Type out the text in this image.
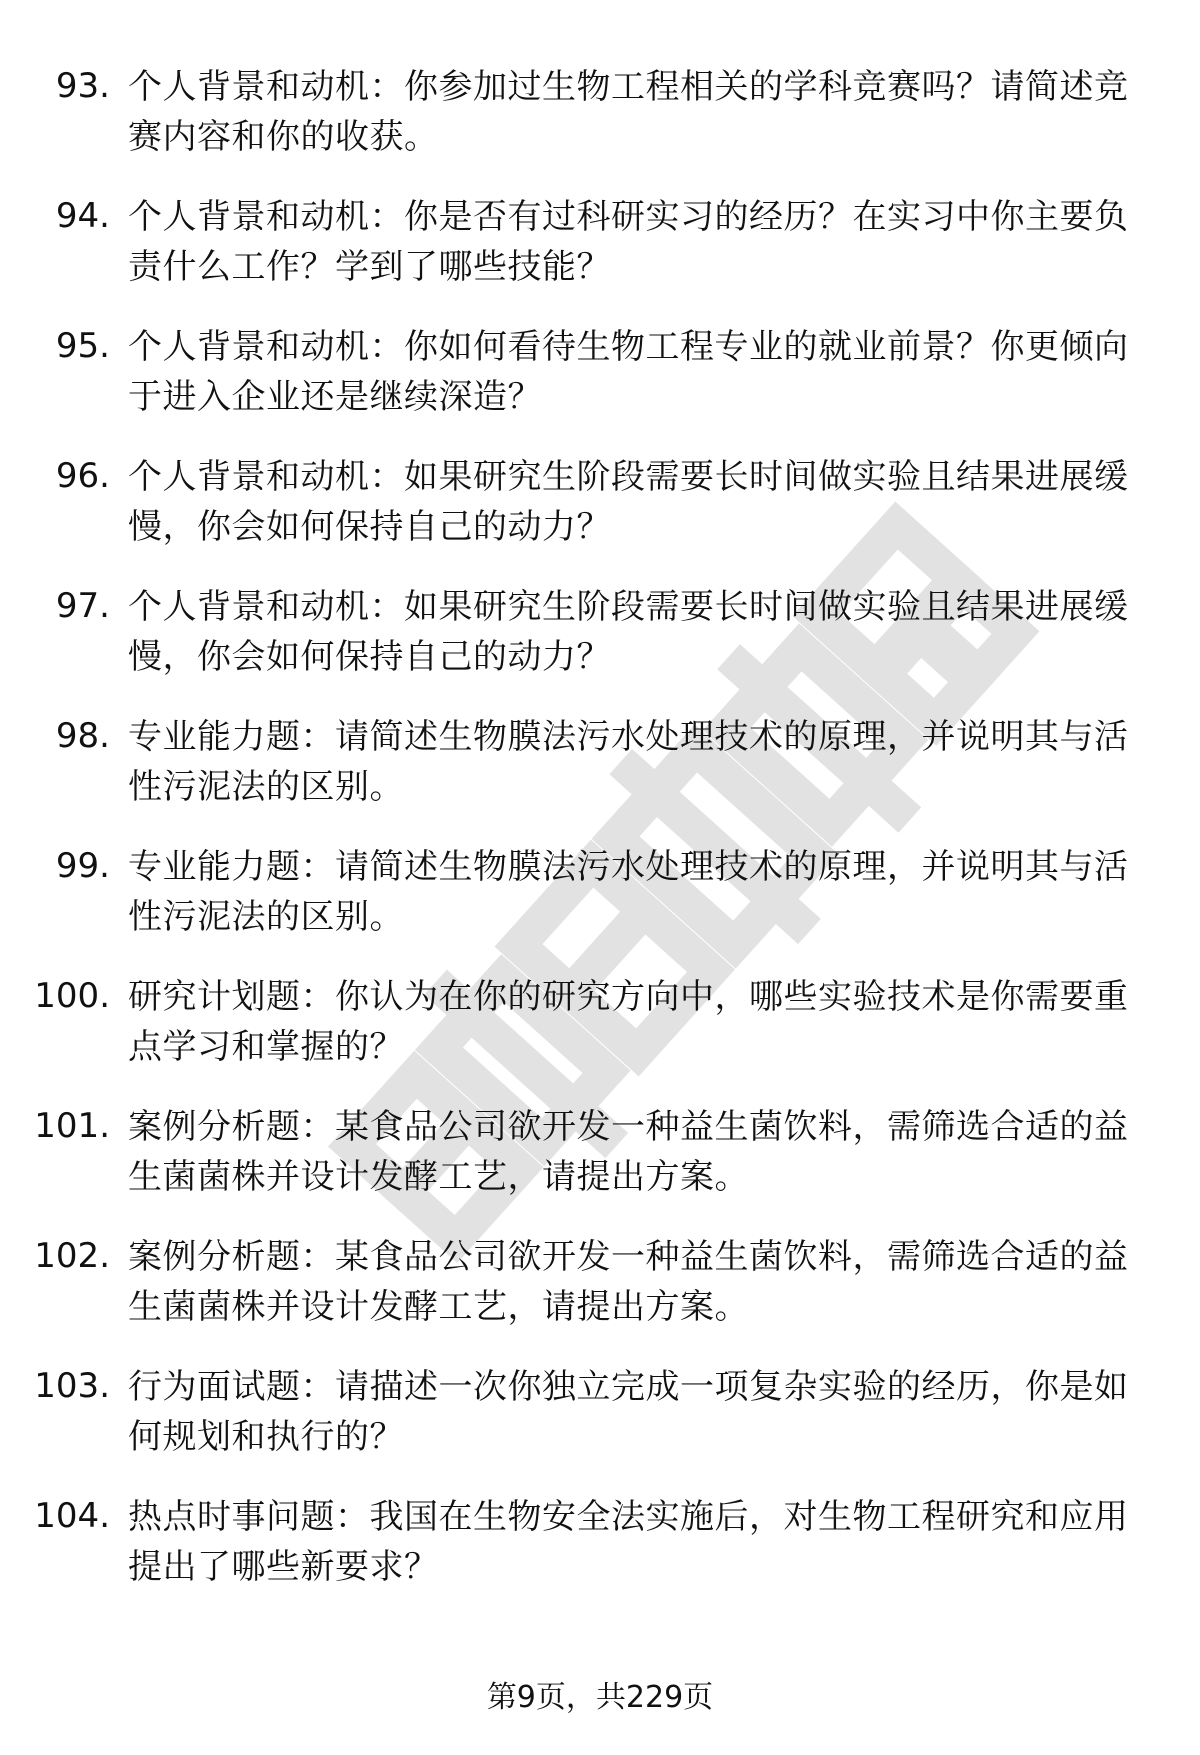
93. 个人背景和动机：你参加过生物工程相关的学科竞赛吗？请简述竞赛内容和你的收获。
94. 个人背景和动机：你是否有过科研实习的经历？在实习中你主要负责什么工作？学到了哪些技能？
95. 个人背景和动机：你如何看待生物工程专业的就业前景？你更倾向于进入企业还是继续深造？
96. 个人背景和动机：如果研究生阶段需要长时间做实验且结果进展缓慢，你会如何保持自己的动力？
97. 个人背景和动机：如果研究生阶段需要长时间做实验且结果进展缓慢，你会如何保持自己的动力？
98. 专业能力题：请简述生物膜法污水处理技术的原理，并说明其与活性污泥法的区别。
99. 专业能力题：请简述生物膜法污水处理技术的原理，并说明其与活性污泥法的区别。
100. 研究计划题：你认为在你的研究方向中，哪些实验技术是你需要重点学习和掌握的？
101. 案例分析题：某食品公司欲开发一种益生菌饮料，需筛选合适的益生菌菌株并设计发酵工艺，请提出方案。
102. 案例分析题：某食品公司欲开发一种益生菌饮料，需筛选合适的益生菌菌株并设计发酵工艺，请提出方案。
103. 行为面试题：请描述一次你独立完成一项复杂实验的经历，你是如何规划和执行的？
104. 热点时事问题：我国在生物安全法实施后，对生物工程研究和应用提出了哪些新要求？
第9页，共229页
